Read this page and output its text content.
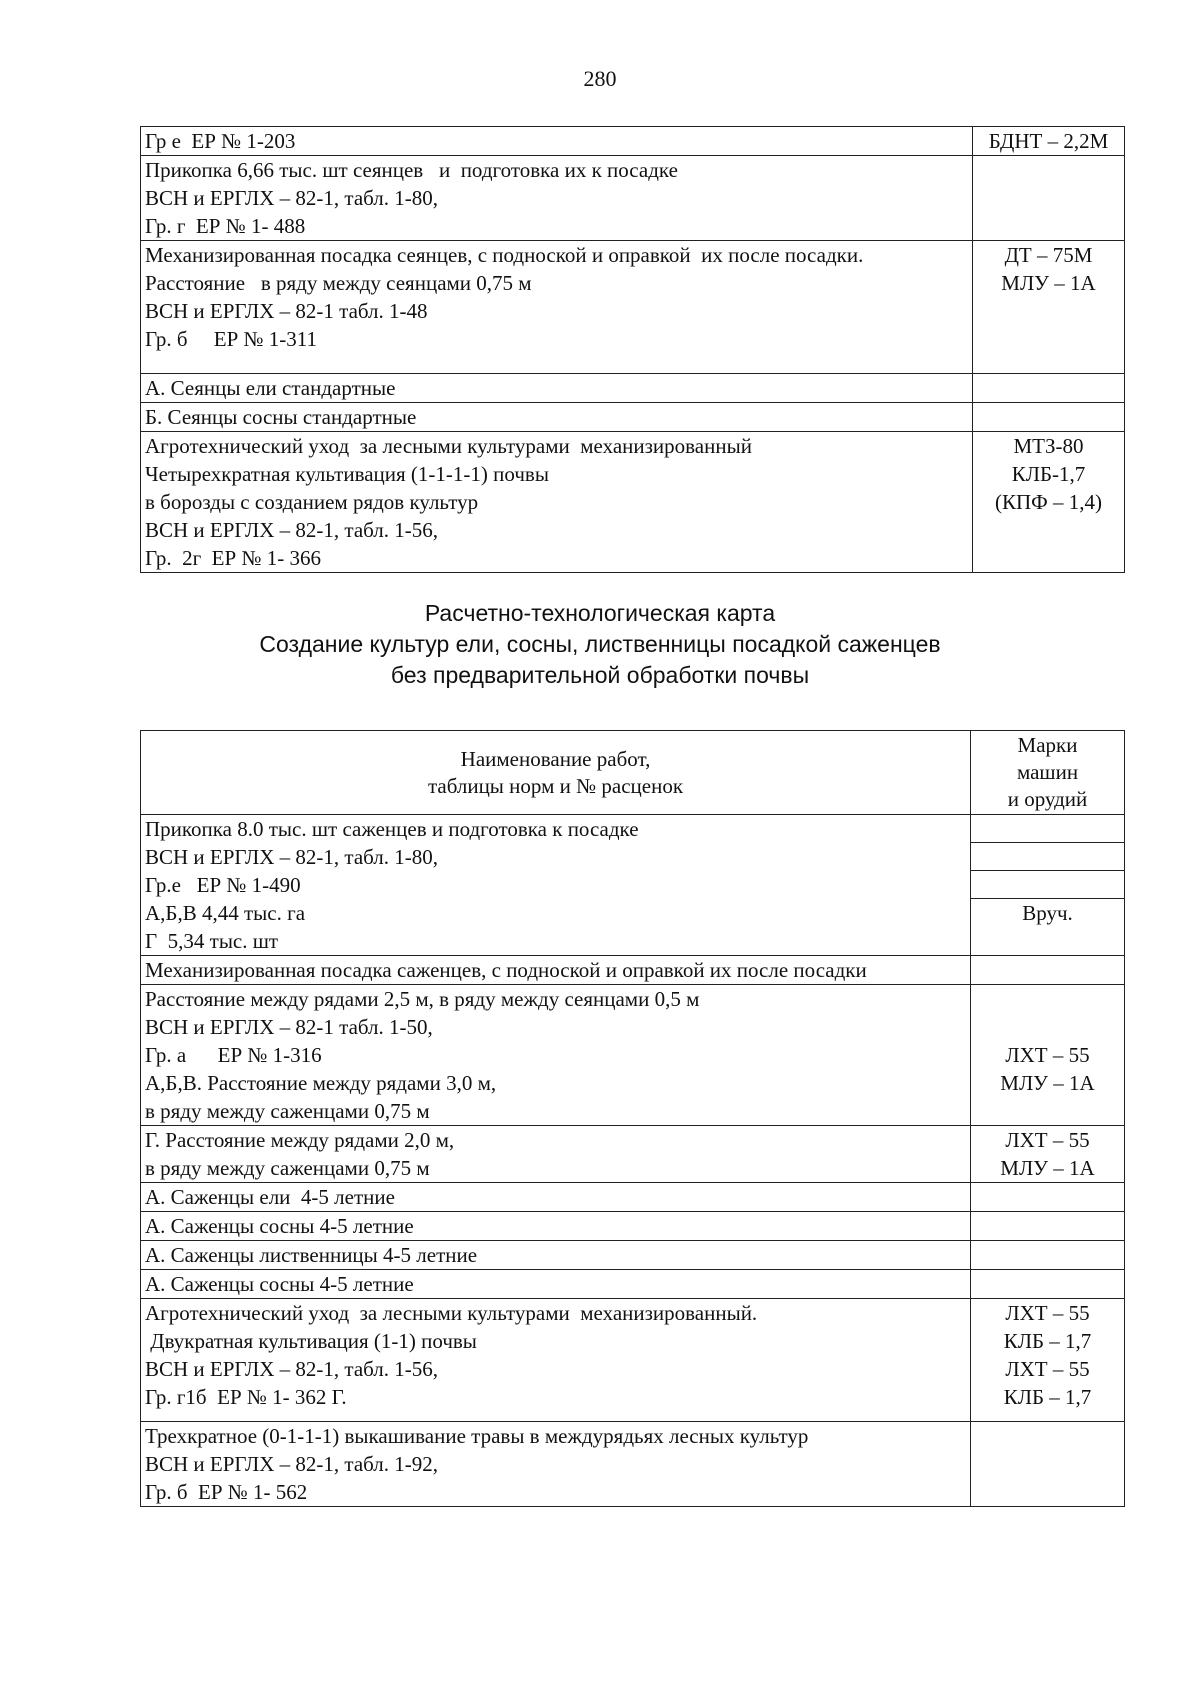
280
Гр е  ЕР № 1-203	БДНТ – 2,2М

Прикопка 6,66 тыс. шт сеянцев   и  подготовка их к посадке
ВСН и ЕРГЛХ – 82-1, табл. 1-80,
Гр. г  ЕР № 1- 488	

Механизированная посадка сеянцев, с подноской и оправкой  их после посадки.
Расстояние   в ряду между сеянцами 0,75 м
ВСН и ЕРГЛХ – 82-1 табл. 1-48
Гр. б     ЕР № 1-311	ДТ – 75М
МЛУ – 1А

А. Сеянцы ели стандартные	

Б. Сеянцы сосны стандартные	

Агротехнический уход  за лесными культурами  механизированный
Четырехкратная культивация (1-1-1-1) почвы
в борозды с созданием рядов культур
ВСН и ЕРГЛХ – 82-1, табл. 1-56,
Гр.  2г  ЕР № 1- 366	МТЗ-80
КЛБ-1,7
(КПФ – 1,4)
Расчетно-технологическая карта
Создание культур ели, сосны, лиственницы посадкой саженцев
без предварительной обработки почвы
Наименование работ,
таблицы норм и № расценок	Марки
машин
и орудий

Прикопка 8.0 тыс. шт саженцев и подготовка к посадке
ВСН и ЕРГЛХ – 82-1, табл. 1-80,
Гр.е   ЕР № 1-490
А,Б,В 4,44 тыс. га
Г  5,34 тыс. шт	Вруч.

Механизированная посадка саженцев, с подноской и оправкой их после посадки	

Расстояние между рядами 2,5 м, в ряду между сеянцами 0,5 м
ВСН и ЕРГЛХ – 82-1 табл. 1-50,
Гр. а      ЕР № 1-316
А,Б,В. Расстояние между рядами 3,0 м,
в ряду между саженцами 0,75 м	ЛХТ – 55
МЛУ – 1А

Г. Расстояние между рядами 2,0 м,
в ряду между саженцами 0,75 м	ЛХТ – 55
МЛУ – 1А

А. Саженцы ели  4-5 летние	

А. Саженцы сосны 4-5 летние	

А. Саженцы лиственницы 4-5 летние	

А. Саженцы сосны 4-5 летние	

Агротехнический уход  за лесными культурами  механизированный.
Двукратная культивация (1-1) почвы
ВСН и ЕРГЛХ – 82-1, табл. 1-56,
Гр. г1б  ЕР № 1- 362 Г.	ЛХТ – 55
КЛБ – 1,7
ЛХТ – 55
КЛБ – 1,7

Трехкратное (0-1-1-1) выкашивание травы в междурядьях лесных культур
ВСН и ЕРГЛХ – 82-1, табл. 1-92,
Гр. б  ЕР № 1- 562	
